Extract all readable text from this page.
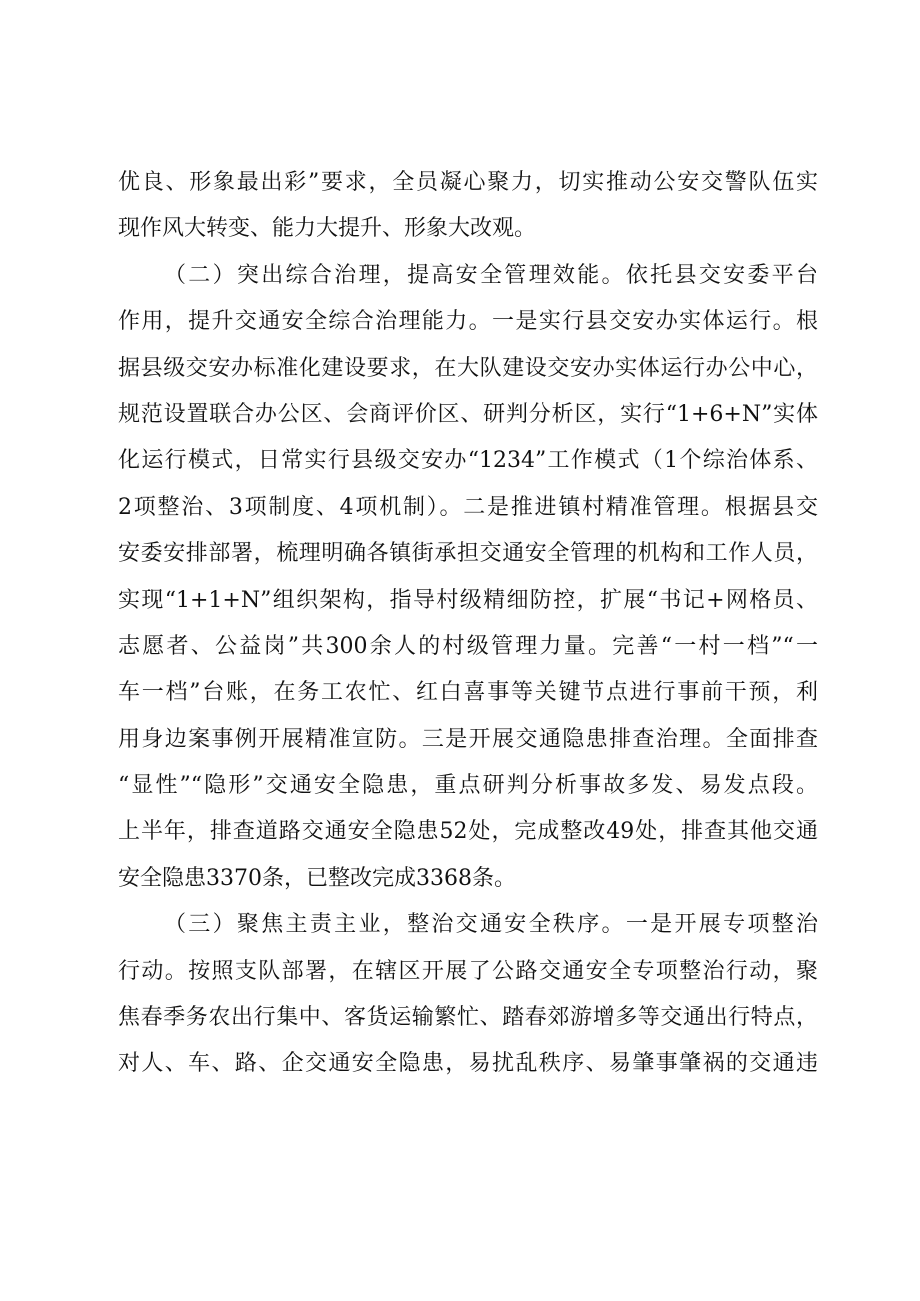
优良、形象最出彩”要求，全员凝心聚力，切实推动公安交警队伍实
现作风大转变、能力大提升、形象大改观。
（二）突出综合治理，提高安全管理效能。依托县交安委平台
作用，提升交通安全综合治理能力。一是实行县交安办实体运行。根
据县级交安办标准化建设要求，在大队建设交安办实体运行办公中心，
规范设置联合办公区、会商评价区、研判分析区，实行“1+6+N”实体
化运行模式，日常实行县级交安办“1234”工作模式（1个综治体系、
2项整治、3项制度、4项机制）。二是推进镇村精准管理。根据县交
安委安排部署，梳理明确各镇街承担交通安全管理的机构和工作人员，
实现“1+1+N”组织架构，指导村级精细防控，扩展“书记+网格员、
志愿者、公益岗”共300余人的村级管理力量。完善“一村一档”“一
车一档”台账，在务工农忙、红白喜事等关键节点进行事前干预，利
用身边案事例开展精准宣防。三是开展交通隐患排查治理。全面排查
“显性”“隐形”交通安全隐患，重点研判分析事故多发、易发点段。
上半年，排查道路交通安全隐患52处，完成整改49处，排查其他交通
安全隐患3370条，已整改完成3368条。
（三）聚焦主责主业，整治交通安全秩序。一是开展专项整治
行动。按照支队部署，在辖区开展了公路交通安全专项整治行动，聚
焦春季务农出行集中、客货运输繁忙、踏春郊游增多等交通出行特点，
对人、车、路、企交通安全隐患，易扰乱秩序、易肇事肇祸的交通违
